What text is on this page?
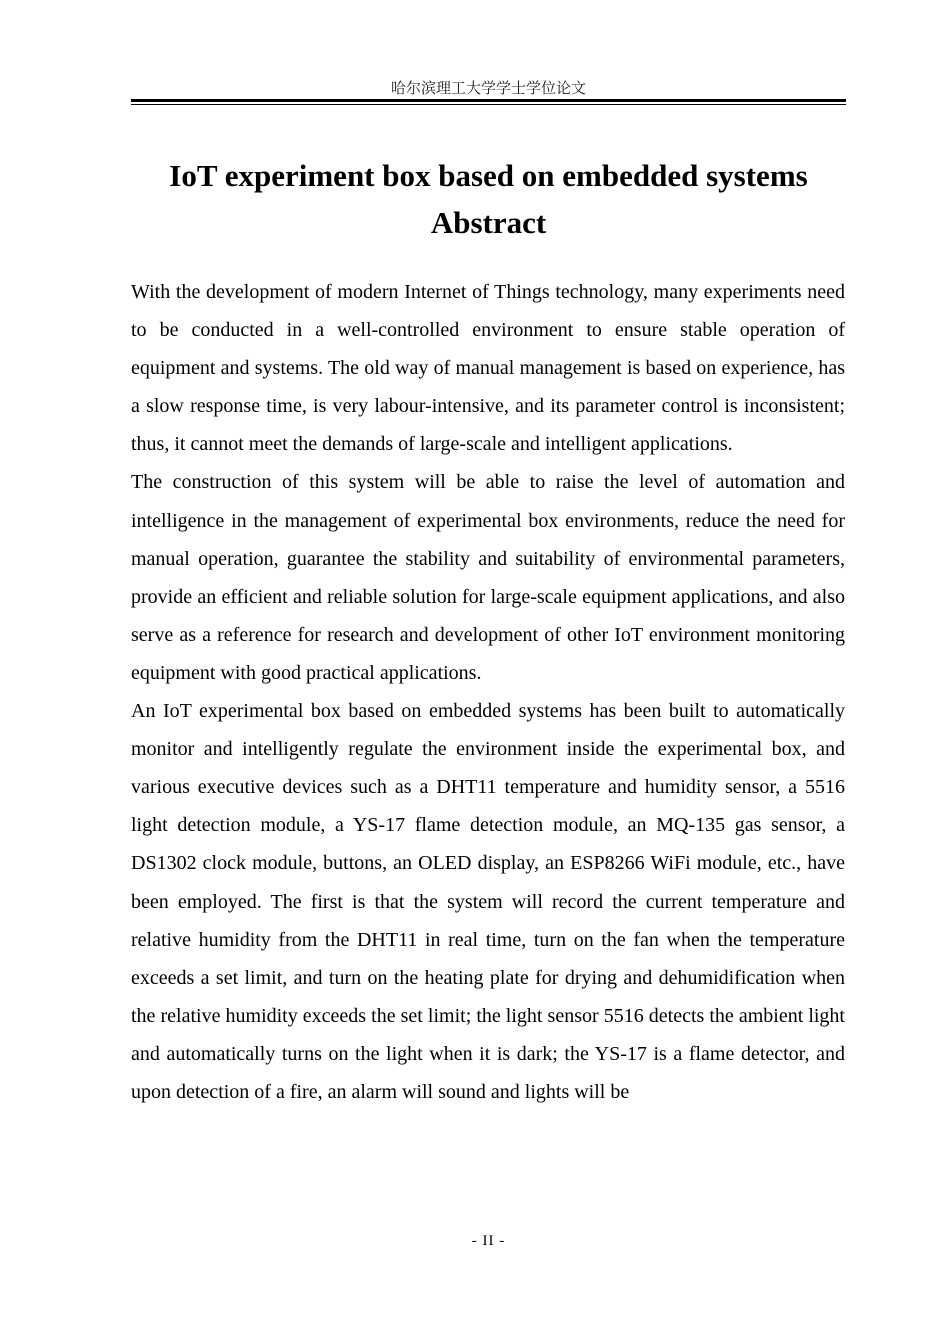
哈尔滨理工大学学士学位论文
IoT experiment box based on embedded systems
Abstract

With the development of modern Internet of Things technology, many experiments need to be conducted in a well-controlled environment to ensure stable operation of equipment and systems. The old way of manual management is based on experience, has a slow response time, is very labour-intensive, and its parameter control is inconsistent; thus, it cannot meet the demands of large-scale and intelligent applications.

The construction of this system will be able to raise the level of automation and intelligence in the management of experimental box environments, reduce the need for manual operation, guarantee the stability and suitability of environmental parameters, provide an efficient and reliable solution for large-scale equipment applications, and also serve as a reference for research and development of other IoT environment monitoring equipment with good practical applications.

An IoT experimental box based on embedded systems has been built to automatically monitor and intelligently regulate the environment inside the experimental box, and various executive devices such as a DHT11 temperature and humidity sensor, a 5516 light detection module, a YS-17 flame detection module, an MQ-135 gas sensor, a DS1302 clock module, buttons, an OLED display, an ESP8266 WiFi module, etc., have been employed. The first is that the system will record the current temperature and relative humidity from the DHT11 in real time, turn on the fan when the temperature exceeds a set limit, and turn on the heating plate for drying and dehumidification when the relative humidity exceeds the set limit; the light sensor 5516 detects the ambient light and automatically turns on the light when it is dark; the YS-17 is a flame detector, and upon detection of a fire, an alarm will sound and lights will be

- II -
